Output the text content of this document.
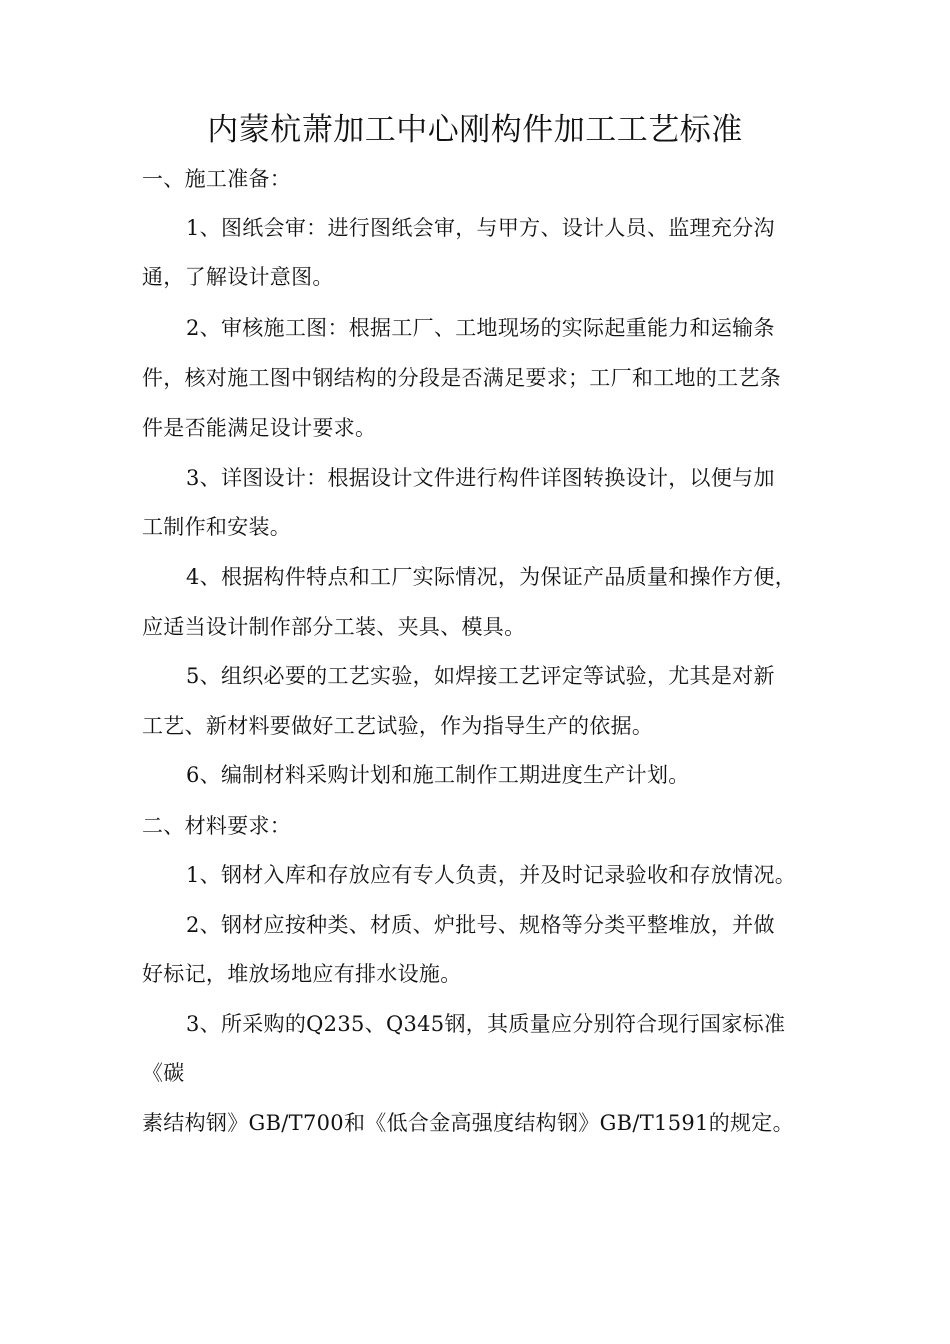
内蒙杭萧加工中心刚构件加工工艺标准
一、施工准备：
1、图纸会审：进行图纸会审，与甲方、设计人员、监理充分沟
通，了解设计意图。
2、审核施工图：根据工厂、工地现场的实际起重能力和运输条
件，核对施工图中钢结构的分段是否满足要求；工厂和工地的工艺条
件是否能满足设计要求。
3、详图设计：根据设计文件进行构件详图转换设计，以便与加
工制作和安装。
4、根据构件特点和工厂实际情况，为保证产品质量和操作方便，
应适当设计制作部分工装、夹具、模具。
5、组织必要的工艺实验，如焊接工艺评定等试验，尤其是对新
工艺、新材料要做好工艺试验，作为指导生产的依据。
6、编制材料采购计划和施工制作工期进度生产计划。
二、材料要求：
1、钢材入库和存放应有专人负责，并及时记录验收和存放情况。
2、钢材应按种类、材质、炉批号、规格等分类平整堆放，并做
好标记，堆放场地应有排水设施。
3、所采购的Q235、Q345钢，其质量应分别符合现行国家标准
《碳
素结构钢》GB/T700和《低合金高强度结构钢》GB/T1591的规定。
